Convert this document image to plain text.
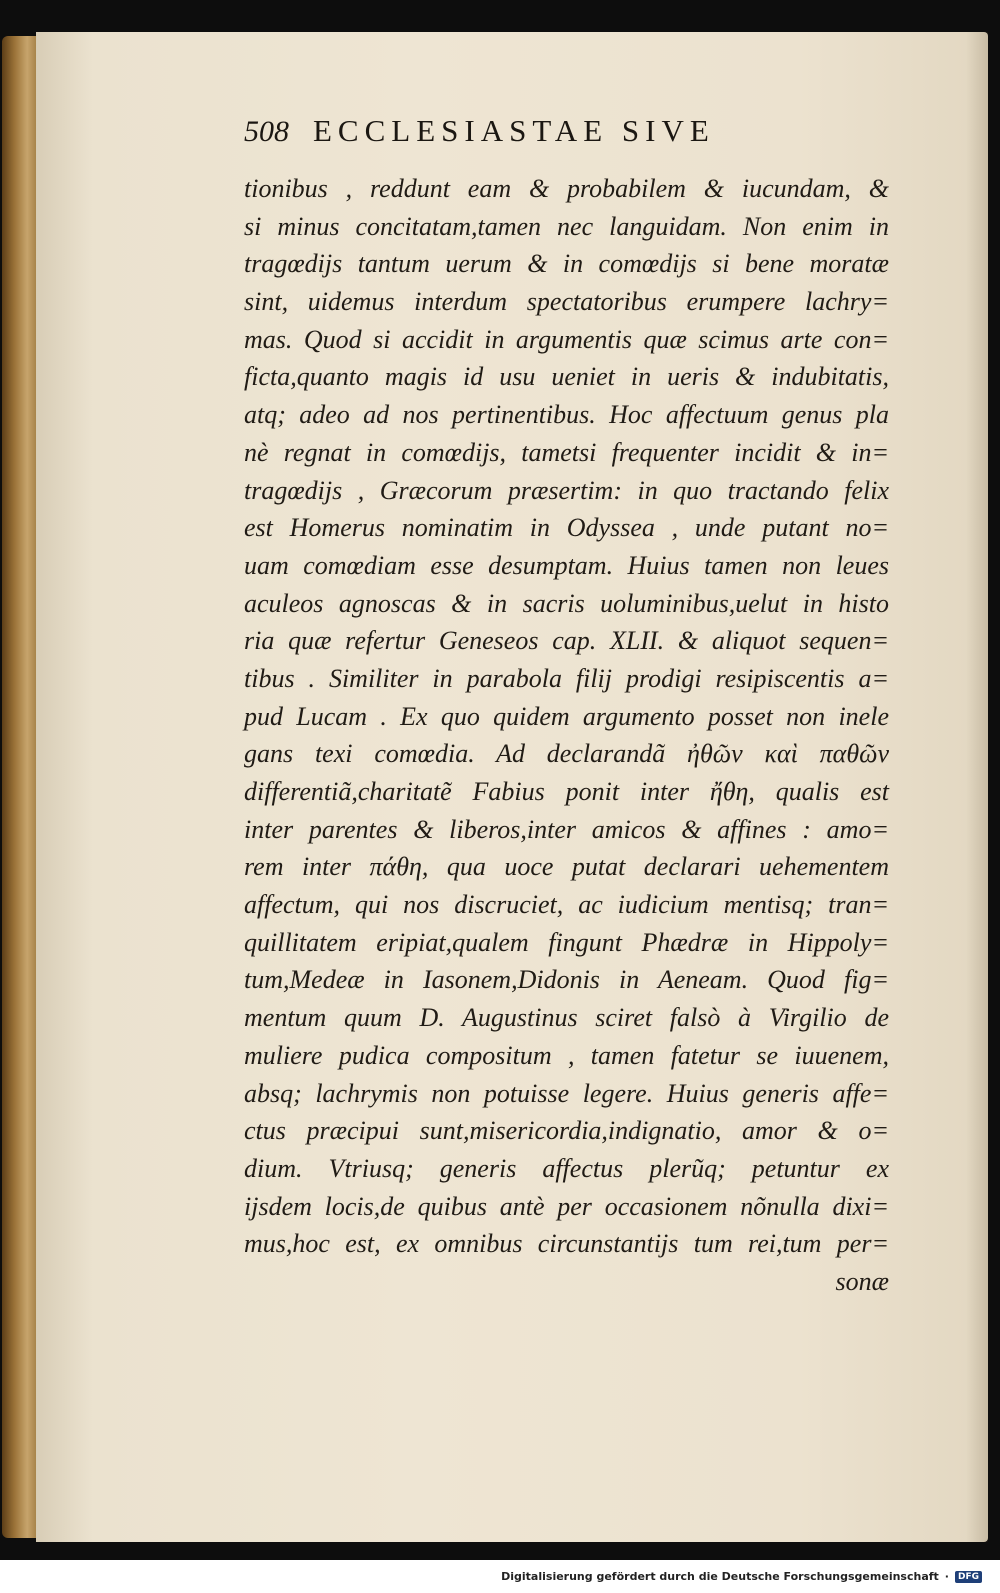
508 ECCLESIASTAE SIVE
tionibus , reddunt eam & probabilem & iucundam, &
si minus concitatam,tamen nec languidam. Non enim in
tragœdijs tantum uerum & in comœdijs si bene moratæ
sint, uidemus interdum spectatoribus erumpere lachry=
mas. Quod si accidit in argumentis quæ scimus arte con=
ficta,quanto magis id usu ueniet in ueris & indubitatis,
atq; adeo ad nos pertinentibus. Hoc affectuum genus pla
nè regnat in comœdijs, tametsi frequenter incidit & in=
tragœdijs , Græcorum præsertim: in quo tractando felix
est Homerus nominatim in Odyssea , unde putant no=
uam comœdiam esse desumptam. Huius tamen non leues
aculeos agnoscas & in sacris uoluminibus,uelut in histo
ria quæ refertur Geneseos cap. XLII. & aliquot sequen=
tibus . Similiter in parabola filij prodigi resipiscentis a=
pud Lucam . Ex quo quidem argumento posset non inele
gans texi comœdia. Ad declarandã ἠθῶν καὶ παθῶν
differentiã,charitatẽ Fabius ponit inter ἤθη, qualis est
inter parentes & liberos,inter amicos & affines : amo=
rem inter πάθη, qua uoce putat declarari uehementem
affectum, qui nos discruciet, ac iudicium mentisq; tran=
quillitatem eripiat,qualem fingunt Phædræ in Hippoly=
tum,Medeæ in Iasonem,Didonis in Aeneam. Quod fig=
mentum quum D. Augustinus sciret falsò à Virgilio de
muliere pudica compositum , tamen fatetur se iuuenem,
absq; lachrymis non potuisse legere. Huius generis affe=
ctus præcipui sunt,misericordia,indignatio, amor & o=
dium. Vtriusq; generis affectus plerũq; petuntur ex
ijsdem locis,de quibus antè per occasionem nõnulla dixi=
mus,hoc est, ex omnibus circunstantijs tum rei,tum per=
sonæ
Digitalisierung gefördert durch die Deutsche Forschungsgemeinschaft ·	DFG
